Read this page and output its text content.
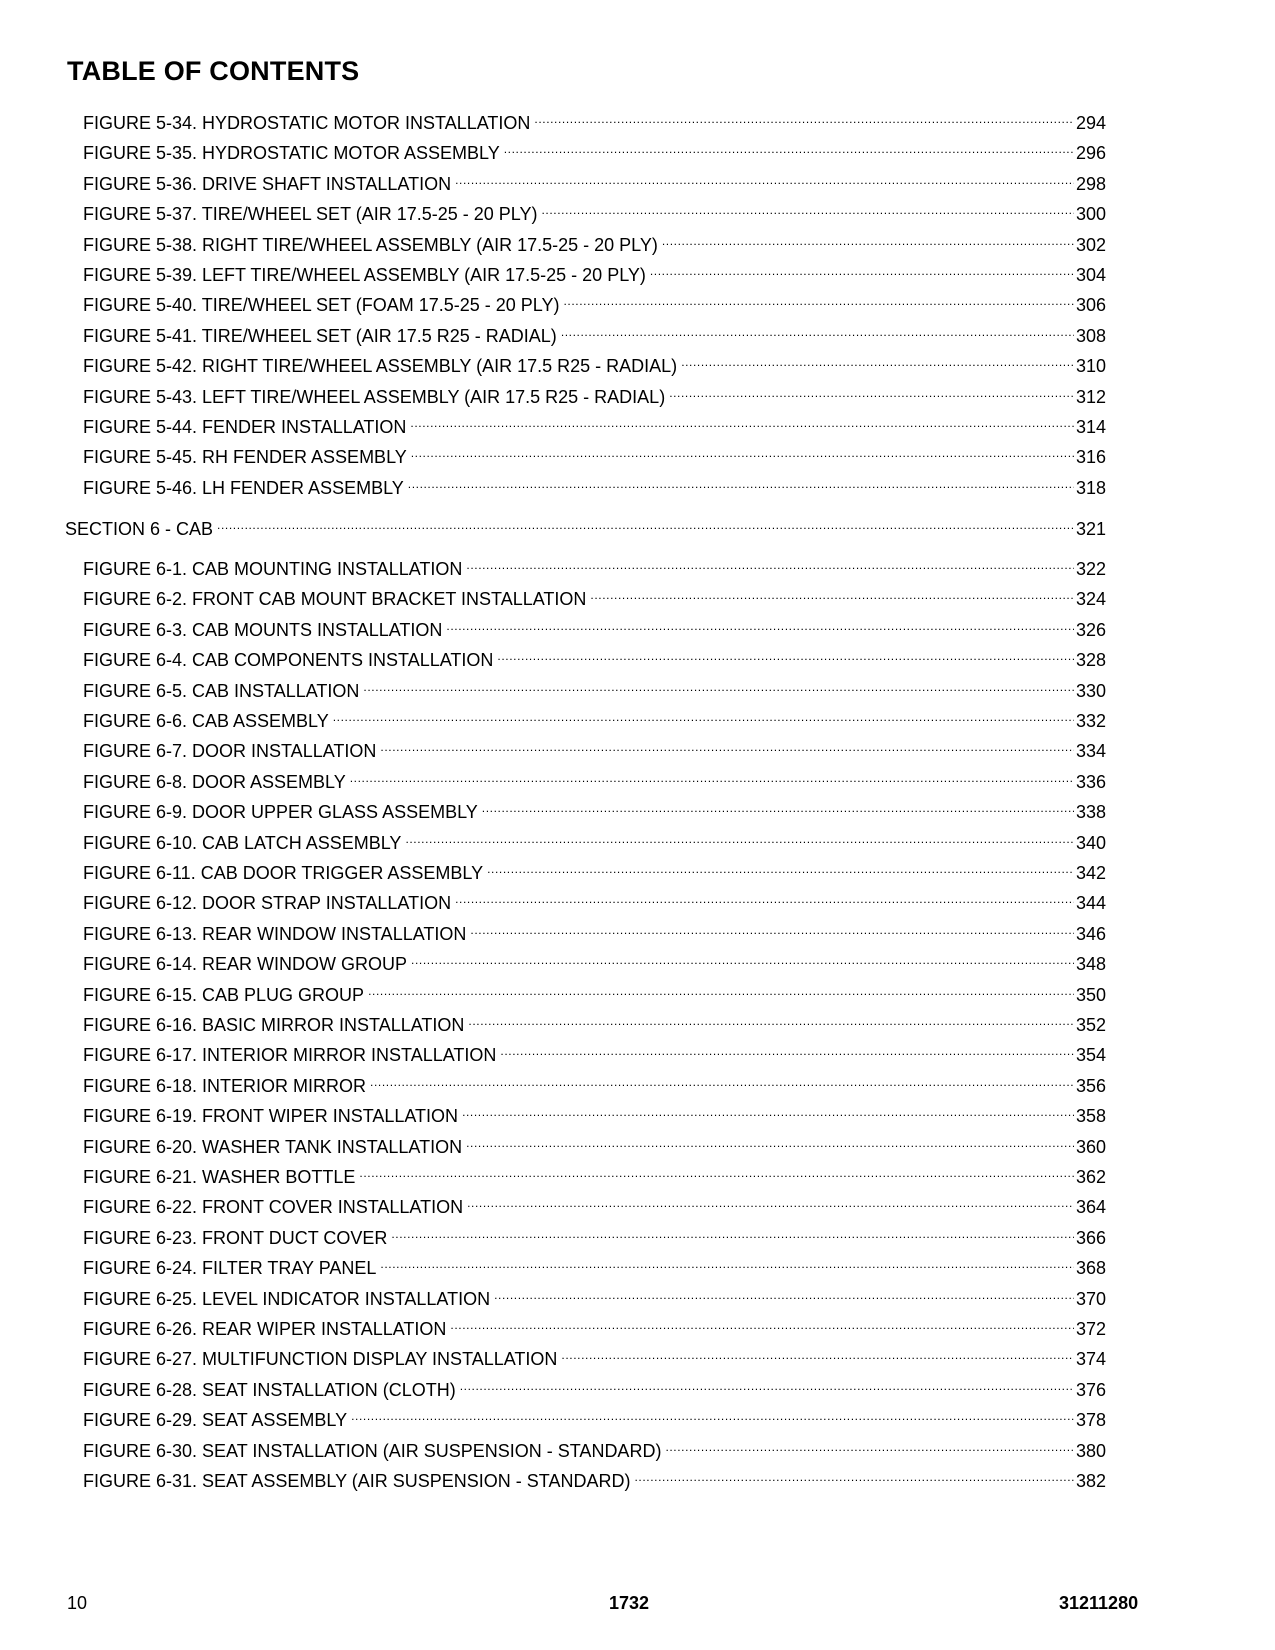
TABLE OF CONTENTS
FIGURE 5-34. HYDROSTATIC MOTOR INSTALLATION .....	294
FIGURE 5-35. HYDROSTATIC MOTOR ASSEMBLY .....	296
FIGURE 5-36. DRIVE SHAFT INSTALLATION .....	298
FIGURE 5-37. TIRE/WHEEL SET (AIR 17.5-25 - 20 PLY) .....	300
FIGURE 5-38. RIGHT TIRE/WHEEL ASSEMBLY (AIR 17.5-25 - 20 PLY) .....	302
FIGURE 5-39. LEFT TIRE/WHEEL ASSEMBLY (AIR 17.5-25 - 20 PLY) .....	304
FIGURE 5-40. TIRE/WHEEL SET (FOAM 17.5-25 - 20 PLY) .....	306
FIGURE 5-41. TIRE/WHEEL SET (AIR 17.5 R25 - RADIAL) .....	308
FIGURE 5-42. RIGHT TIRE/WHEEL ASSEMBLY (AIR 17.5 R25 - RADIAL) .....	310
FIGURE 5-43. LEFT TIRE/WHEEL ASSEMBLY (AIR 17.5 R25 - RADIAL) .....	312
FIGURE 5-44. FENDER INSTALLATION .....	314
FIGURE 5-45. RH FENDER ASSEMBLY .....	316
FIGURE 5-46. LH FENDER ASSEMBLY .....	318
SECTION 6 - CAB .....	321
FIGURE 6-1. CAB MOUNTING INSTALLATION .....	322
FIGURE 6-2. FRONT CAB MOUNT BRACKET INSTALLATION .....	324
FIGURE 6-3. CAB MOUNTS INSTALLATION .....	326
FIGURE 6-4. CAB COMPONENTS INSTALLATION .....	328
FIGURE 6-5. CAB INSTALLATION .....	330
FIGURE 6-6. CAB ASSEMBLY .....	332
FIGURE 6-7. DOOR INSTALLATION .....	334
FIGURE 6-8. DOOR ASSEMBLY .....	336
FIGURE 6-9. DOOR UPPER GLASS ASSEMBLY .....	338
FIGURE 6-10. CAB LATCH ASSEMBLY .....	340
FIGURE 6-11. CAB DOOR TRIGGER ASSEMBLY .....	342
FIGURE 6-12. DOOR STRAP INSTALLATION .....	344
FIGURE 6-13. REAR WINDOW INSTALLATION .....	346
FIGURE 6-14. REAR WINDOW GROUP .....	348
FIGURE 6-15. CAB PLUG GROUP .....	350
FIGURE 6-16. BASIC MIRROR INSTALLATION .....	352
FIGURE 6-17. INTERIOR MIRROR INSTALLATION .....	354
FIGURE 6-18. INTERIOR MIRROR .....	356
FIGURE 6-19. FRONT WIPER INSTALLATION .....	358
FIGURE 6-20. WASHER TANK INSTALLATION .....	360
FIGURE 6-21. WASHER BOTTLE .....	362
FIGURE 6-22. FRONT COVER INSTALLATION .....	364
FIGURE 6-23. FRONT DUCT COVER .....	366
FIGURE 6-24. FILTER TRAY PANEL .....	368
FIGURE 6-25. LEVEL INDICATOR INSTALLATION .....	370
FIGURE 6-26. REAR WIPER INSTALLATION .....	372
FIGURE 6-27. MULTIFUNCTION DISPLAY INSTALLATION .....	374
FIGURE 6-28. SEAT INSTALLATION (CLOTH) .....	376
FIGURE 6-29. SEAT ASSEMBLY .....	378
FIGURE 6-30. SEAT INSTALLATION (AIR SUSPENSION - STANDARD) .....	380
FIGURE 6-31. SEAT ASSEMBLY (AIR SUSPENSION - STANDARD) .....	382
10	1732	31211280
